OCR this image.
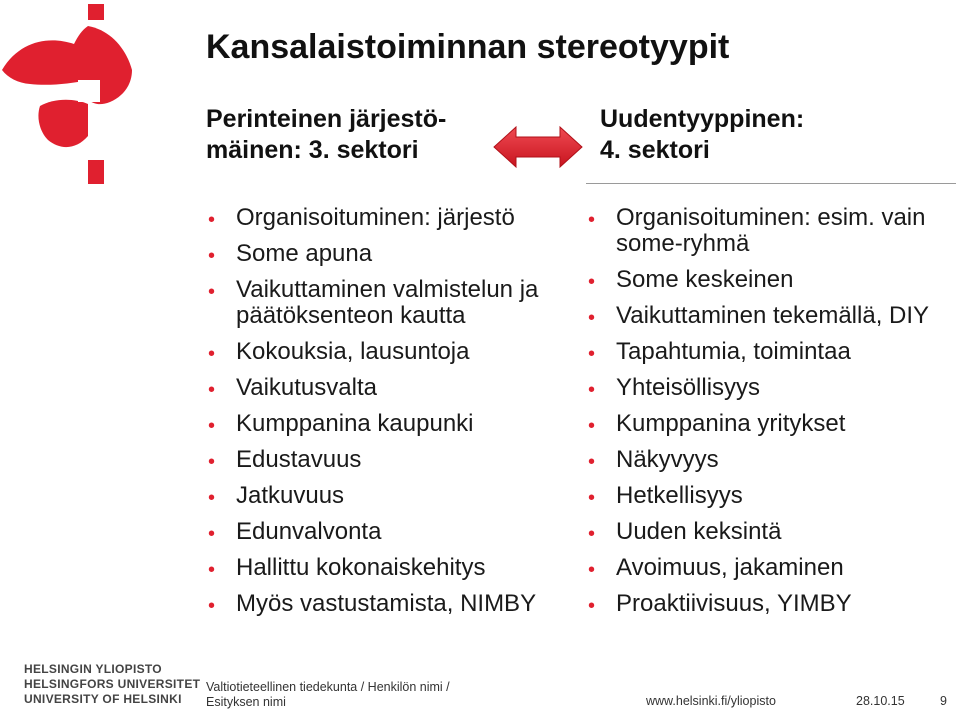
Kansalaistoiminnan stereotyypit
Perinteinen järjestö-
mäinen: 3. sektori
Uudentyyppinen:
4. sektori
• Organisoituminen: järjestö
• Some apuna
• Vaikuttaminen valmistelun ja päätöksenteon kautta
• Kokouksia, lausuntoja
• Vaikutusvalta
• Kumppanina kaupunki
• Edustavuus
• Jatkuvuus
• Edunvalvonta
• Hallittu kokonaiskehitys
• Myös vastustamista, NIMBY
• Organisoituminen: esim. vain some-ryhmä
• Some keskeinen
• Vaikuttaminen tekemällä, DIY
• Tapahtumia, toimintaa
• Yhteisöllisyys
• Kumppanina yritykset
• Näkyvyys
• Hetkellisyys
• Uuden keksintä
• Avoimuus, jakaminen
• Proaktiivisuus, YIMBY
HELSINGIN YLIOPISTO
HELSINGFORS UNIVERSITET
UNIVERSITY OF HELSINKI
Valtiotieteellinen tiedekunta / Henkilön nimi /
Esityksen nimi	www.helsinki.fi/yliopisto	28.10.15	9
